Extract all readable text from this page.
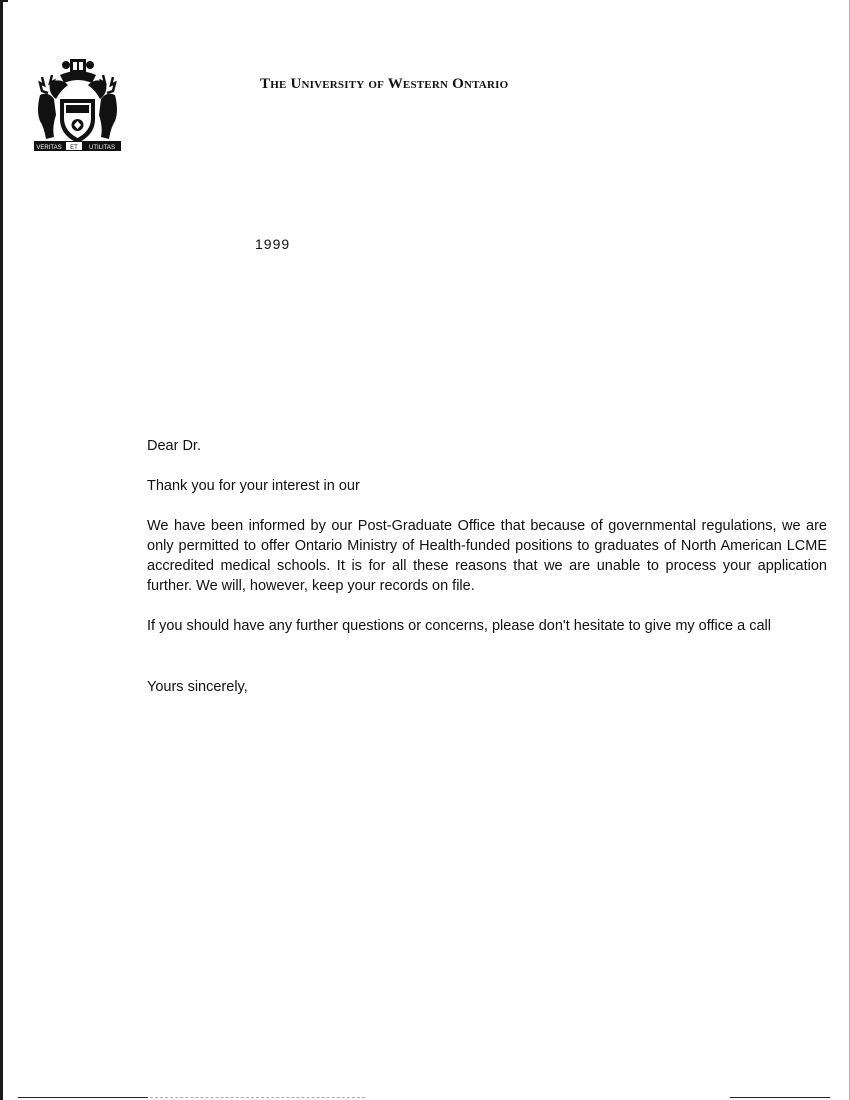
VERITAS ET UTILITAS
The University of Western Ontario
1999
Dear Dr.
Thank you for your interest in our
We have been informed by our Post-Graduate Office that because of governmental regulations, we are only permitted to offer Ontario Ministry of Health-funded positions to graduates of North American LCME accredited medical schools. It is for all these reasons that we are unable to process your application further. We will, however, keep your records on file.
If you should have any further questions or concerns, please don't hesitate to give my office a call
Yours sincerely,
